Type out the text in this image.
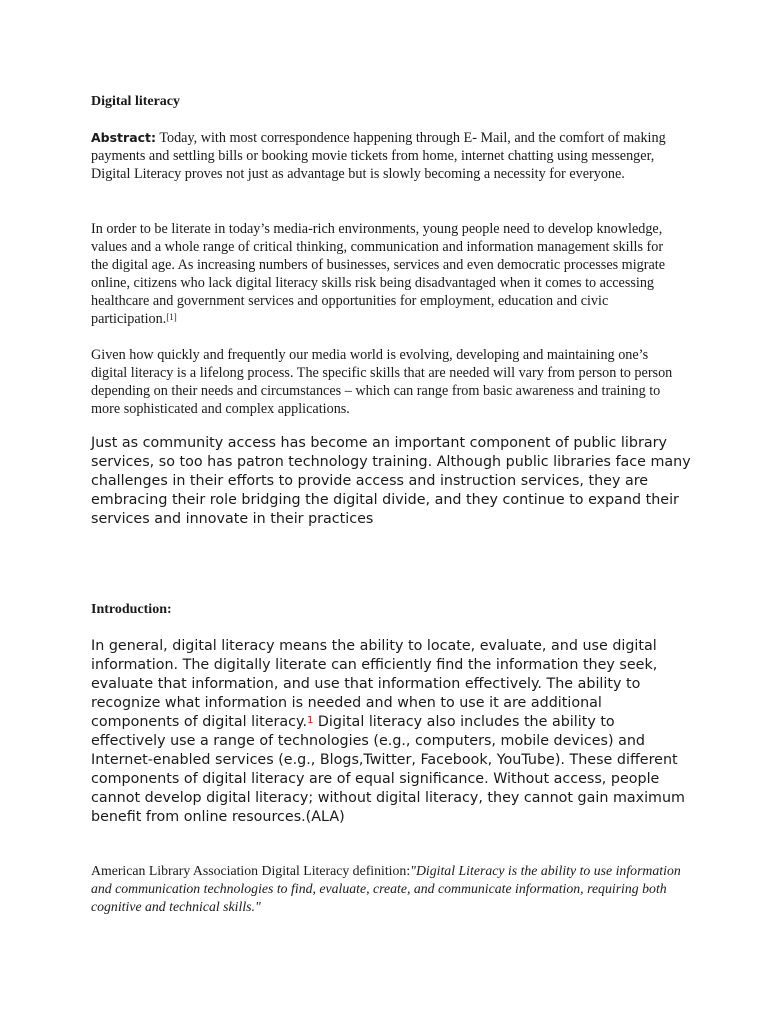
Digital literacy

Abstract: Today, with most correspondence happening through E- Mail, and the comfort of making payments and settling bills or booking movie tickets from home, internet chatting using messenger, Digital Literacy proves not just as advantage but is slowly becoming a necessity for everyone.

In order to be literate in today’s media-rich environments, young people need to develop knowledge, values and a whole range of critical thinking, communication and information management skills for the digital age. As increasing numbers of businesses, services and even democratic processes migrate online, citizens who lack digital literacy skills risk being disadvantaged when it comes to accessing healthcare and government services and opportunities for employment, education and civic participation.[1]

Given how quickly and frequently our media world is evolving, developing and maintaining one’s digital literacy is a lifelong process. The specific skills that are needed will vary from person to person depending on their needs and circumstances – which can range from basic awareness and training to more sophisticated and complex applications.

Just as community access has become an important component of public library services, so too has patron technology training. Although public libraries face many challenges in their efforts to provide access and instruction services, they are embracing their role bridging the digital divide, and they continue to expand their services and innovate in their practices

Introduction:

In general, digital literacy means the ability to locate, evaluate, and use digital information. The digitally literate can efficiently find the information they seek, evaluate that information, and use that information effectively. The ability to recognize what information is needed and when to use it are additional components of digital literacy.$^1$ Digital literacy also includes the ability to effectively use a range of technologies (e.g., computers, mobile devices) and Internet-enabled services (e.g., Blogs,Twitter, Facebook, YouTube). These different components of digital literacy are of equal significance. Without access, people cannot develop digital literacy; without digital literacy, they cannot gain maximum benefit from online resources.(ALA)

American Library Association Digital Literacy definition:"Digital Literacy is the ability to use information and communication technologies to find, evaluate, create, and communicate information, requiring both cognitive and technical skills."
